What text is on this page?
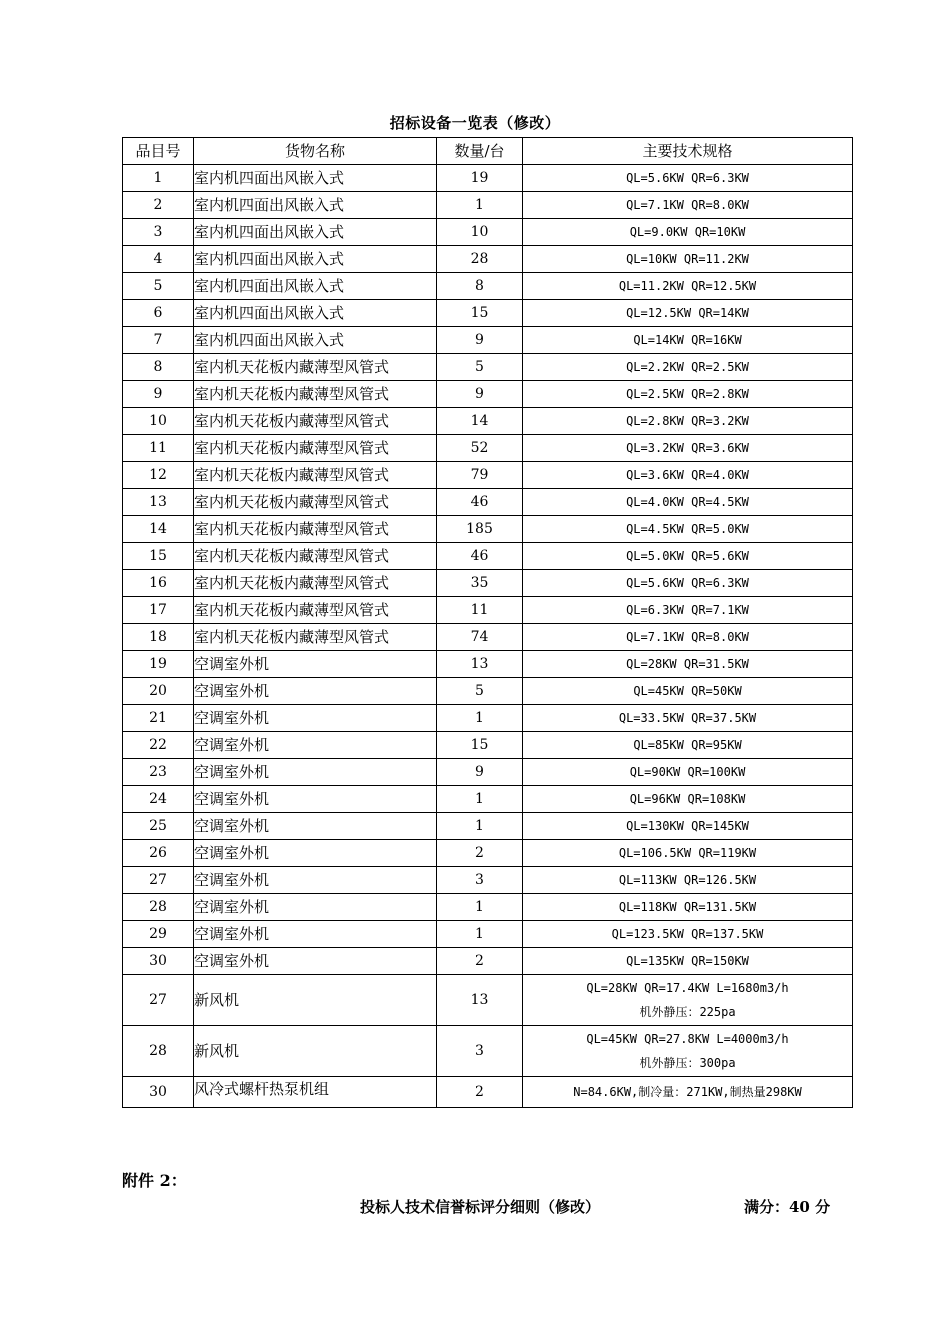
招标设备一览表（修改）
品目号	货物名称	数量/台	主要技术规格
1	室内机四面出风嵌入式	19	QL=5.6KW QR=6.3KW
2	室内机四面出风嵌入式	1	QL=7.1KW QR=8.0KW
3	室内机四面出风嵌入式	10	QL=9.0KW QR=10KW
4	室内机四面出风嵌入式	28	QL=10KW QR=11.2KW
5	室内机四面出风嵌入式	8	QL=11.2KW QR=12.5KW
6	室内机四面出风嵌入式	15	QL=12.5KW QR=14KW
7	室内机四面出风嵌入式	9	QL=14KW QR=16KW
8	室内机天花板内藏薄型风管式	5	QL=2.2KW QR=2.5KW
9	室内机天花板内藏薄型风管式	9	QL=2.5KW QR=2.8KW
10	室内机天花板内藏薄型风管式	14	QL=2.8KW QR=3.2KW
11	室内机天花板内藏薄型风管式	52	QL=3.2KW QR=3.6KW
12	室内机天花板内藏薄型风管式	79	QL=3.6KW QR=4.0KW
13	室内机天花板内藏薄型风管式	46	QL=4.0KW QR=4.5KW
14	室内机天花板内藏薄型风管式	185	QL=4.5KW QR=5.0KW
15	室内机天花板内藏薄型风管式	46	QL=5.0KW QR=5.6KW
16	室内机天花板内藏薄型风管式	35	QL=5.6KW QR=6.3KW
17	室内机天花板内藏薄型风管式	11	QL=6.3KW QR=7.1KW
18	室内机天花板内藏薄型风管式	74	QL=7.1KW QR=8.0KW
19	空调室外机	13	QL=28KW QR=31.5KW
20	空调室外机	5	QL=45KW QR=50KW
21	空调室外机	1	QL=33.5KW QR=37.5KW
22	空调室外机	15	QL=85KW QR=95KW
23	空调室外机	9	QL=90KW QR=100KW
24	空调室外机	1	QL=96KW QR=108KW
25	空调室外机	1	QL=130KW QR=145KW
26	空调室外机	2	QL=106.5KW QR=119KW
27	空调室外机	3	QL=113KW QR=126.5KW
28	空调室外机	1	QL=118KW QR=131.5KW
29	空调室外机	1	QL=123.5KW QR=137.5KW
30	空调室外机	2	QL=135KW QR=150KW
27	新风机	13	QL=28KW QR=17.4KW L=1680m3/h
机外静压：225pa

28	新风机	3	QL=45KW QR=27.8KW L=4000m3/h
机外静压：300pa

30	风冷式螺杆热泵机组	2	N=84.6KW,制冷量：271KW,制热量298KW
附件 2：
投标人技术信誉标评分细则（修改）	满分：40 分
